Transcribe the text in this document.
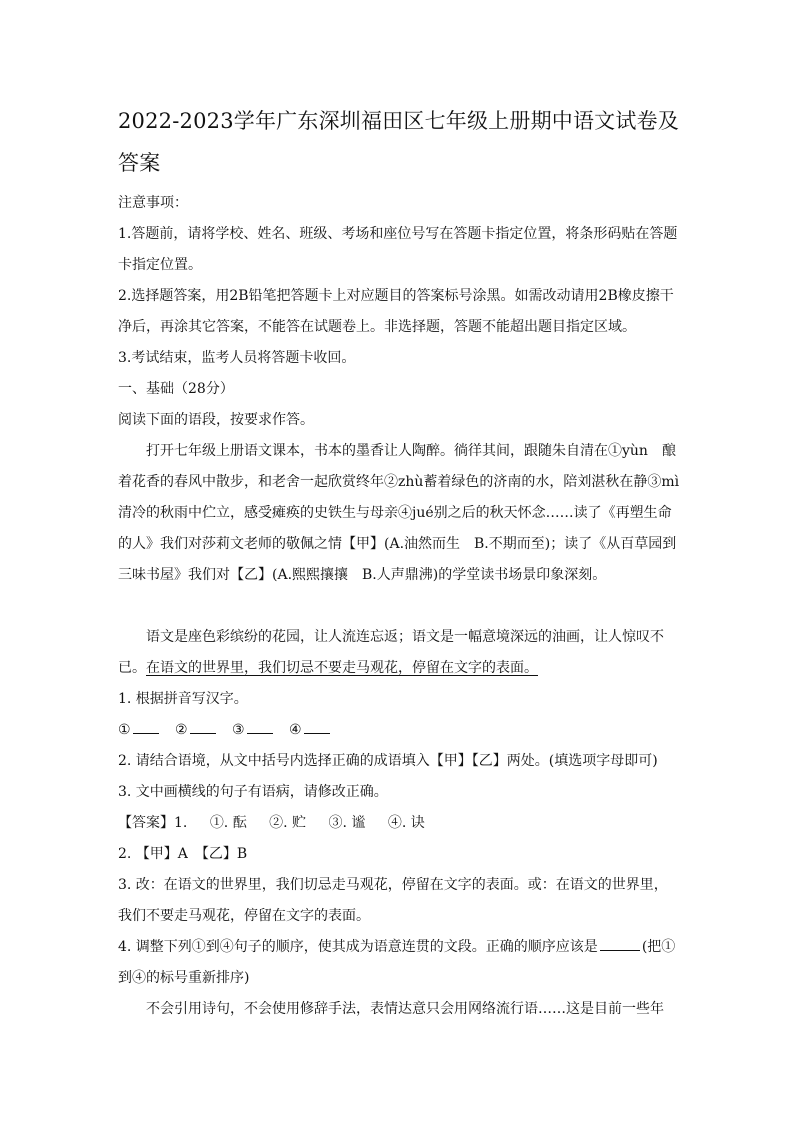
2022-2023学年广东深圳福田区七年级上册期中语文试卷及答案

注意事项：

1.答题前，请将学校、姓名、班级、考场和座位号写在答题卡指定位置，将条形码贴在答题卡指定位置。

2.选择题答案，用2B铅笔把答题卡上对应题目的答案标号涂黑。如需改动请用2B橡皮擦干净后，再涂其它答案，不能答在试题卷上。非选择题，答题不能超出题目指定区域。

3.考试结束，监考人员将答题卡收回。

一、基础（28分）

阅读下面的语段，按要求作答。

打开七年级上册语文课本，书本的墨香让人陶醉。徜徉其间，跟随朱自清在①yùn　酿着花香的春风中散步，和老舍一起欣赏终年②zhù蓄着绿色的济南的水，陪刘湛秋在静③mì清冷的秋雨中伫立，感受瘫痪的史铁生与母亲④jué别之后的秋天怀念……读了《再塑生命的人》我们对莎莉文老师的敬佩之情【甲】(A.油然而生　B.不期而至)；读了《从百草园到三味书屋》我们对【乙】(A.熙熙攘攘　B.人声鼎沸)的学堂读书场景印象深刻。

语文是座色彩缤纷的花园，让人流连忘返；语文是一幅意境深远的油画，让人惊叹不已。在语文的世界里，我们切忌不要走马观花，停留在文字的表面。

1. 根据拼音写汉字。

①	②	③	④

2. 请结合语境，从文中括号内选择正确的成语填入【甲】【乙】两处。(填选项字母即可)

3. 文中画横线的句子有语病，请修改正确。

【答案】1. ①. 酝 ②. 贮 ③. 谧 ④. 诀

2. 【甲】A　【乙】B

3. 改：在语文的世界里，我们切忌走马观花，停留在文字的表面。或：在语文的世界里，我们不要走马观花，停留在文字的表面。

4. 调整下列①到④句子的顺序，使其成为语意连贯的文段。正确的顺序应该是	(把①到④的标号重新排序)

不会引用诗句，不会使用修辞手法，表情达意只会用网络流行语……这是目前一些年
